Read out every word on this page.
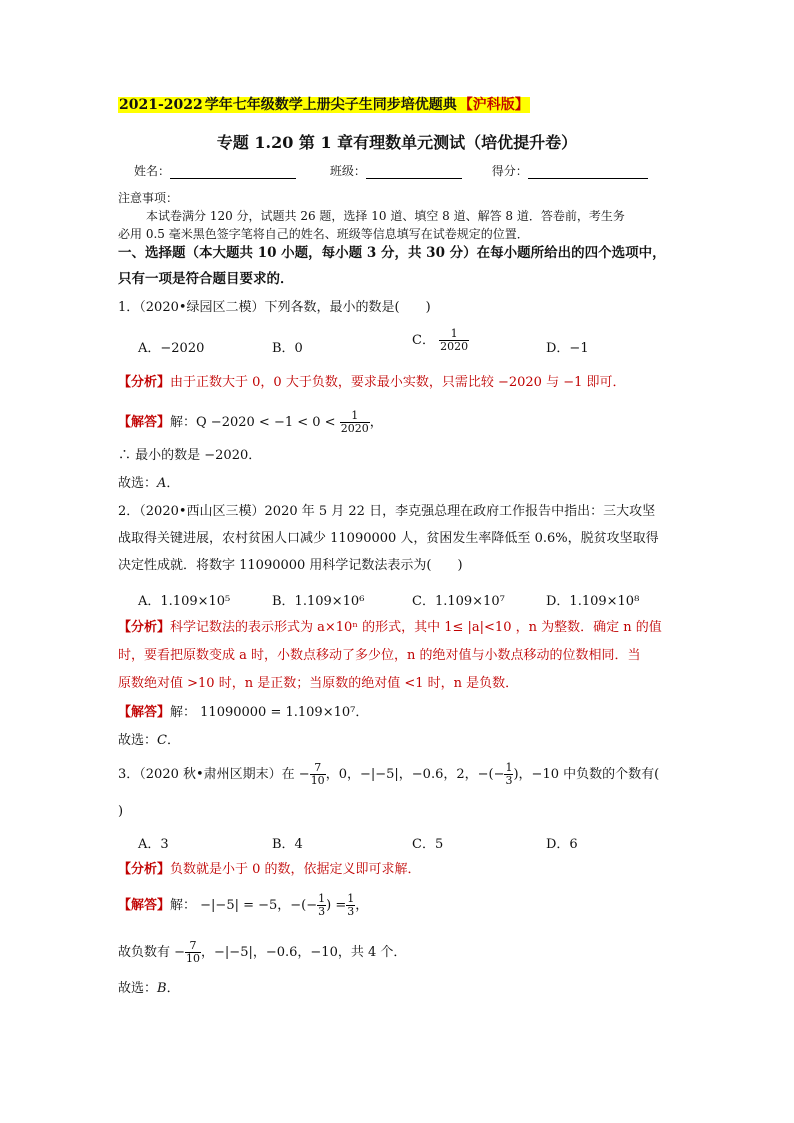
2021-2022 学年七年级数学上册尖子生同步培优题典 【沪科版】
专题 1.20 第 1 章有理数单元测试（培优提升卷）
姓名：	班级：	得分：
注意事项：
本试卷满分 120 分，试题共 26 题，选择 10 道、填空 8 道、解答 8 道．答卷前，考生务
必用 0.5 毫米黑色签字笔将自己的姓名、班级等信息填写在试卷规定的位置．
一、选择题（本大题共 10 小题，每小题 3 分，共 30 分）在每小题所给出的四个选项中，
只有一项是符合题目要求的．
1．（2020•绿园区二模）下列各数，最小的数是(　　)
A．−2020	B．0
C． $\frac{1}{2020}$	D．−1
【分析】由于正数大于 0，0 大于负数，要求最小实数，只需比较 −2020 与 −1 即可．
【解答】解：$Q -2020 < -1 < 0 < \frac{1}{2020}$ ，
∴ 最小的数是 −2020．
故选：A．
2．（2020•西山区三模）2020 年 5 月 22 日，李克强总理在政府工作报告中指出：三大攻坚
战取得关键进展，农村贫困人口减少 11090000 人，贫困发生率降低至 0.6%，脱贫攻坚取得
决定性成就．将数字 11090000 用科学记数法表示为(　　)
A．1.109×10⁵	B．1.109×10⁶	C．1.109×10⁷	D．1.109×10⁸
【分析】科学记数法的表示形式为 a×10ⁿ 的形式，其中 1≤ |a|<10 ，n 为整数．确定 n 的值
时，要看把原数变成 a 时，小数点移动了多少位，n 的绝对值与小数点移动的位数相同．当
原数绝对值 >10 时，n 是正数；当原数的绝对值 <1 时，n 是负数．
【解答】解： 11090000 = 1.109×10⁷．
故选：C．
3．（2020 秋•肃州区期末）在 − $\frac{7}{10}$ ，0，−|−5|，−0.6，2，−(− $\frac{1}{3}$ )，−10 中负数的个数有(
)
A．3	B．4	C．5	D．6
【分析】负数就是小于 0 的数，依据定义即可求解．
【解答】解： −|−5| = −5，−(− $\frac{1}{3}$ ) = $\frac{1}{3}$ ，
故负数有 − $\frac{7}{10}$ ，−|−5|，−0.6，−10，共 4 个．
故选：B．
